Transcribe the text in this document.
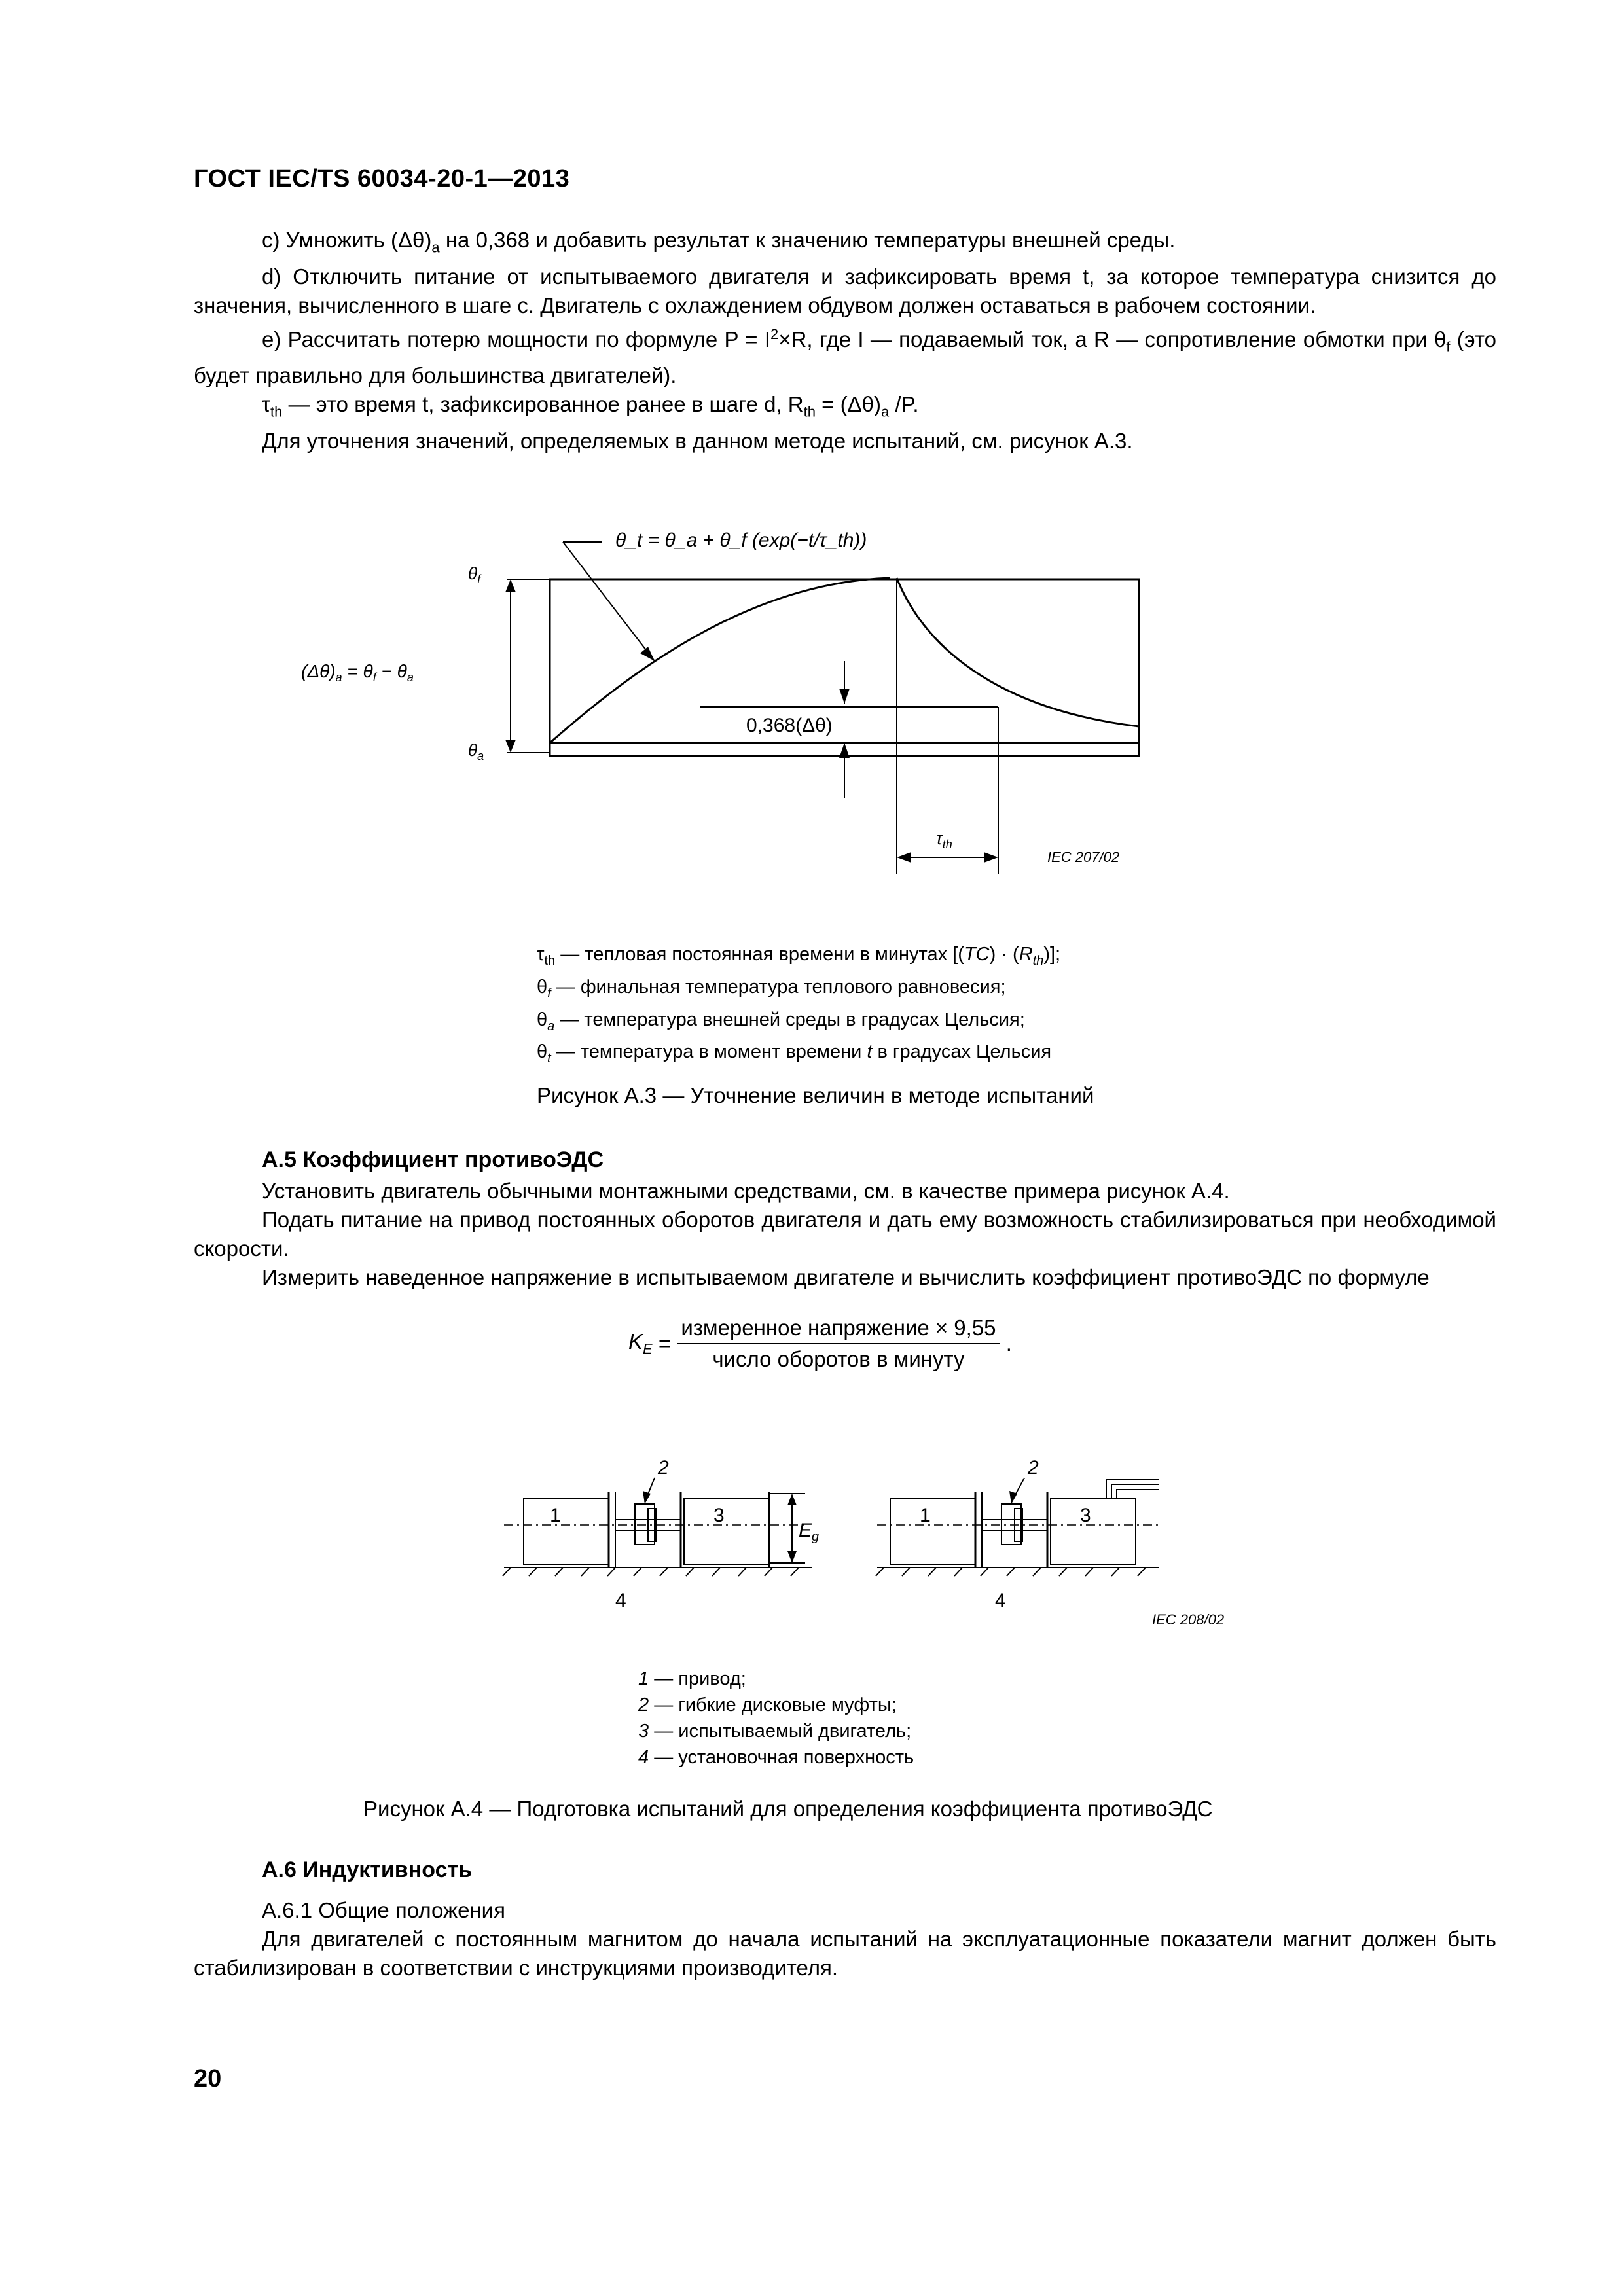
ГОСТ IEC/TS 60034-20-1—2013

c) Умножить $(\Delta\theta)_a$ на 0,368 и добавить результат к значению температуры внешней среды.

d) Отключить питание от испытываемого двигателя и зафиксировать время t, за которое температура снизится до значения, вычисленного в шаге c. Двигатель с охлаждением обдувом должен оставаться в рабочем состоянии.

e) Рассчитать потерю мощности по формуле $P = I^2\times R$, где I — подаваемый ток, а R — сопротивление обмотки при $\theta_f$ (это будет правильно для большинства двигателей).

$\tau_{th}$ — это время t, зафиксированное ранее в шаге d, $R_{th} = (\Delta\theta)_a$ /P.

Для уточнения значений, определяемых в данном методе испытаний, см. рисунок А.3.

θ_t = θ_a + θ_f (exp(−t/τ_th))
$\theta_f$
$\theta_a$
$(\Delta\theta)_a = \theta_f - \theta_a$
0,368(Δθ)
$\tau_{th}$
IEC 207/02
$\tau_{th}$ — тепловая постоянная времени в минутах $[(TC) \cdot (R_{th})]$;
$\theta_f$ — финальная температура теплового равновесия;
$\theta_a$ — температура внешней среды в градусах Цельсия;
$\theta_t$ — температура в момент времени t в градусах Цельсия
Рисунок А.3 — Уточнение величин в методе испытаний
А.5 Коэффициент противоЭДС

Установить двигатель обычными монтажными средствами, см. в качестве примера рисунок А.4.

Подать питание на привод постоянных оборотов двигателя и дать ему возможность стабилизироваться при необходимой скорости.

Измерить наведенное напряжение в испытываемом двигателе и вычислить коэффициент противоЭДС по формуле

$K_E = \frac{\text{измеренное напряжение × 9,55}}{\text{число оборотов в минуту}}$ .
1	3
2
4
$E_g$
1	3
2
4
IEC 208/02
1 — привод;
2 — гибкие дисковые муфты;
3 — испытываемый двигатель;
4 — установочная поверхность
Рисунок А.4 — Подготовка испытаний для определения коэффициента противоЭДС
А.6 Индуктивность

А.6.1 Общие положения

Для двигателей с постоянным магнитом до начала испытаний на эксплуатационные показатели магнит должен быть стабилизирован в соответствии с инструкциями производителя.

20
